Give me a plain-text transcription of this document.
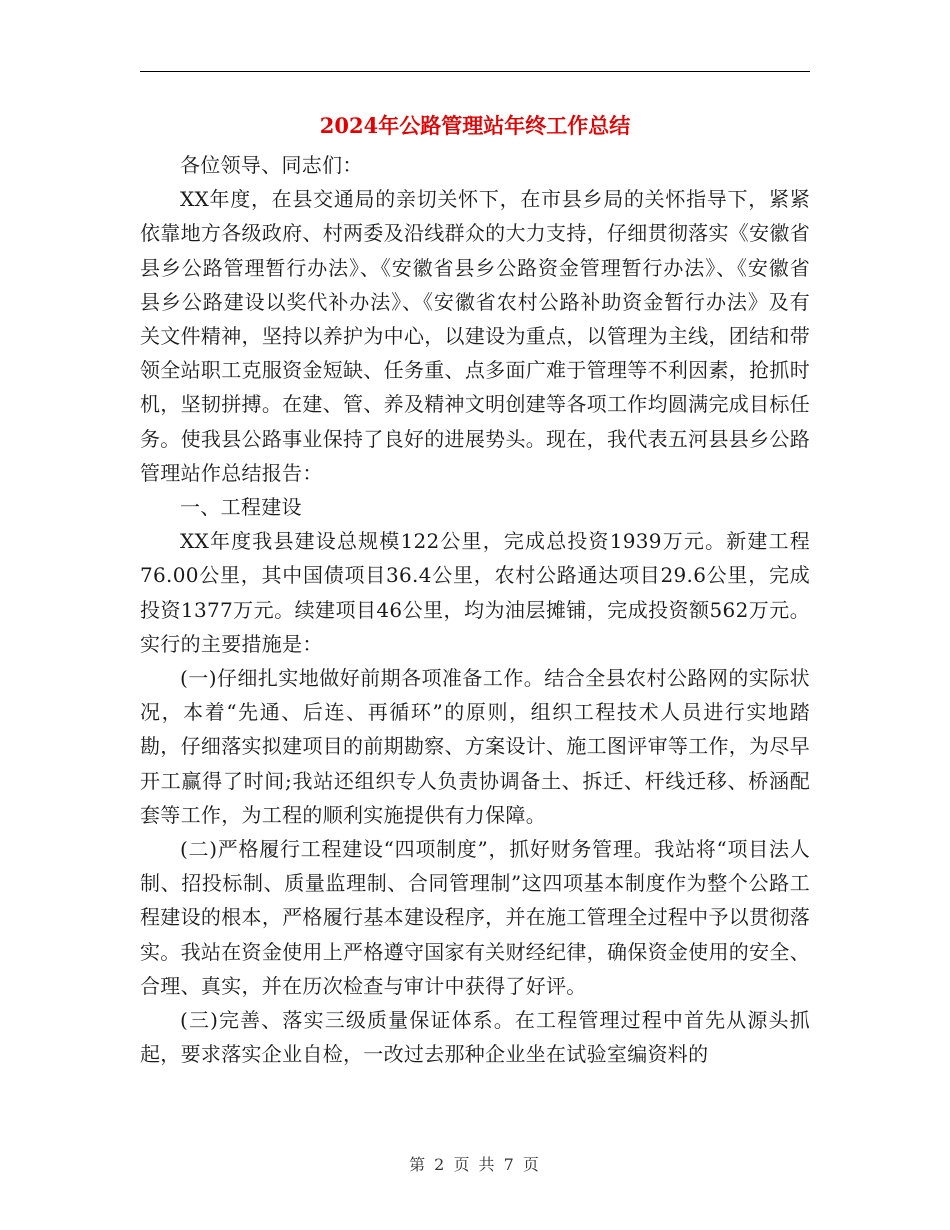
2024年公路管理站年终工作总结

各位领导、同志们：

XX年度，在县交通局的亲切关怀下，在市县乡局的关怀指导下，紧紧依靠地方各级政府、村两委及沿线群众的大力支持，仔细贯彻落实《安徽省县乡公路管理暂行办法》、《安徽省县乡公路资金管理暂行办法》、《安徽省县乡公路建设以奖代补办法》、《安徽省农村公路补助资金暂行办法》及有关文件精神，坚持以养护为中心，以建设为重点，以管理为主线，团结和带领全站职工克服资金短缺、任务重、点多面广难于管理等不利因素，抢抓时机，坚韧拼搏。在建、管、养及精神文明创建等各项工作均圆满完成目标任务。使我县公路事业保持了良好的进展势头。现在，我代表五河县县乡公路管理站作总结报告：

一、工程建设

XX年度我县建设总规模122公里，完成总投资1939万元。新建工程 76.00公里，其中国债项目36.4公里，农村公路通达项目29.6公里，完成投资1377万元。续建项目46公里，均为油层摊铺，完成投资额562万元。实行的主要措施是：

(一)仔细扎实地做好前期各项准备工作。结合全县农村公路网的实际状况，本着“先通、后连、再循环”的原则，组织工程技术人员进行实地踏勘，仔细落实拟建项目的前期勘察、方案设计、施工图评审等工作，为尽早开工赢得了时间;我站还组织专人负责协调备土、拆迁、杆线迁移、桥涵配套等工作，为工程的顺利实施提供有力保障。

(二)严格履行工程建设“四项制度”，抓好财务管理。我站将“项目法人制、招投标制、质量监理制、合同管理制”这四项基本制度作为整个公路工程建设的根本，严格履行基本建设程序，并在施工管理全过程中予以贯彻落实。我站在资金使用上严格遵守国家有关财经纪律，确保资金使用的安全、合理、真实，并在历次检查与审计中获得了好评。

(三)完善、落实三级质量保证体系。在工程管理过程中首先从源头抓起，要求落实企业自检，一改过去那种企业坐在试验室编资料的

第 2 页 共 7 页
